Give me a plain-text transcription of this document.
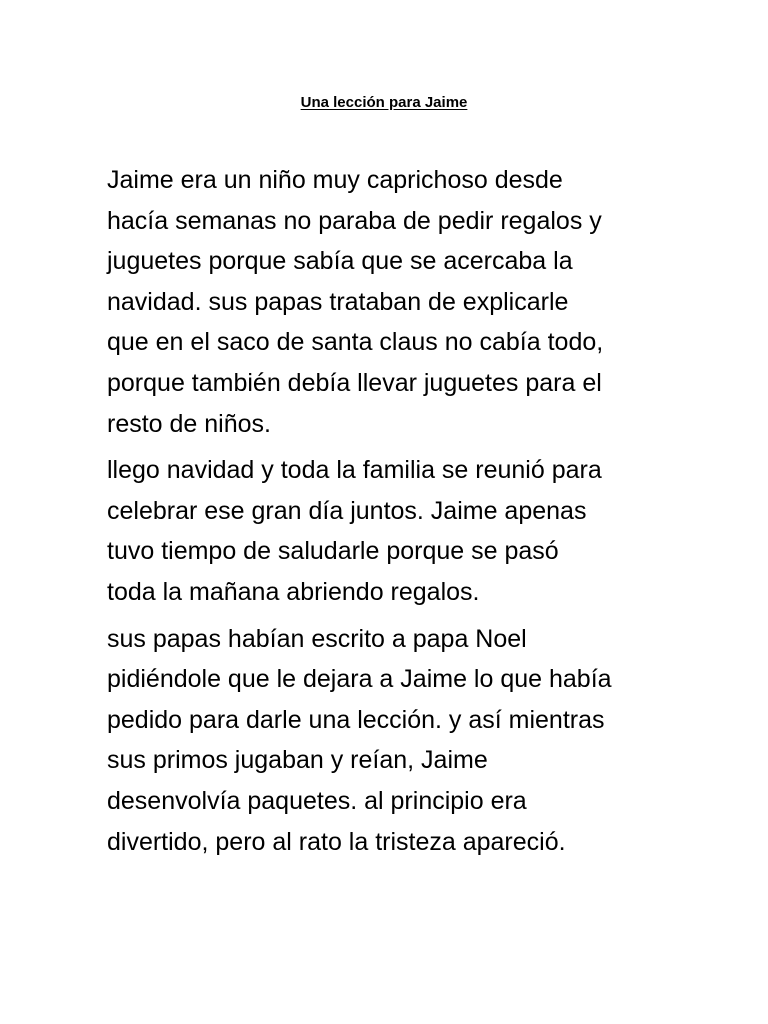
Una lección para Jaime

Jaime era un niño muy caprichoso desde
hacía semanas no paraba de pedir regalos y
juguetes porque sabía que se acercaba la
navidad. sus papas trataban de explicarle
que en el saco de santa claus no cabía todo,
porque también debía llevar juguetes para el
resto de niños.

llego navidad y toda la familia se reunió para
celebrar ese gran día juntos. Jaime apenas
tuvo tiempo de saludarle porque se pasó
toda la mañana abriendo regalos.

sus papas habían escrito a papa Noel
pidiéndole que le dejara a Jaime lo que había
pedido para darle una lección. y así mientras
sus primos jugaban y reían, Jaime
desenvolvía paquetes. al principio era
divertido, pero al rato la tristeza apareció.
